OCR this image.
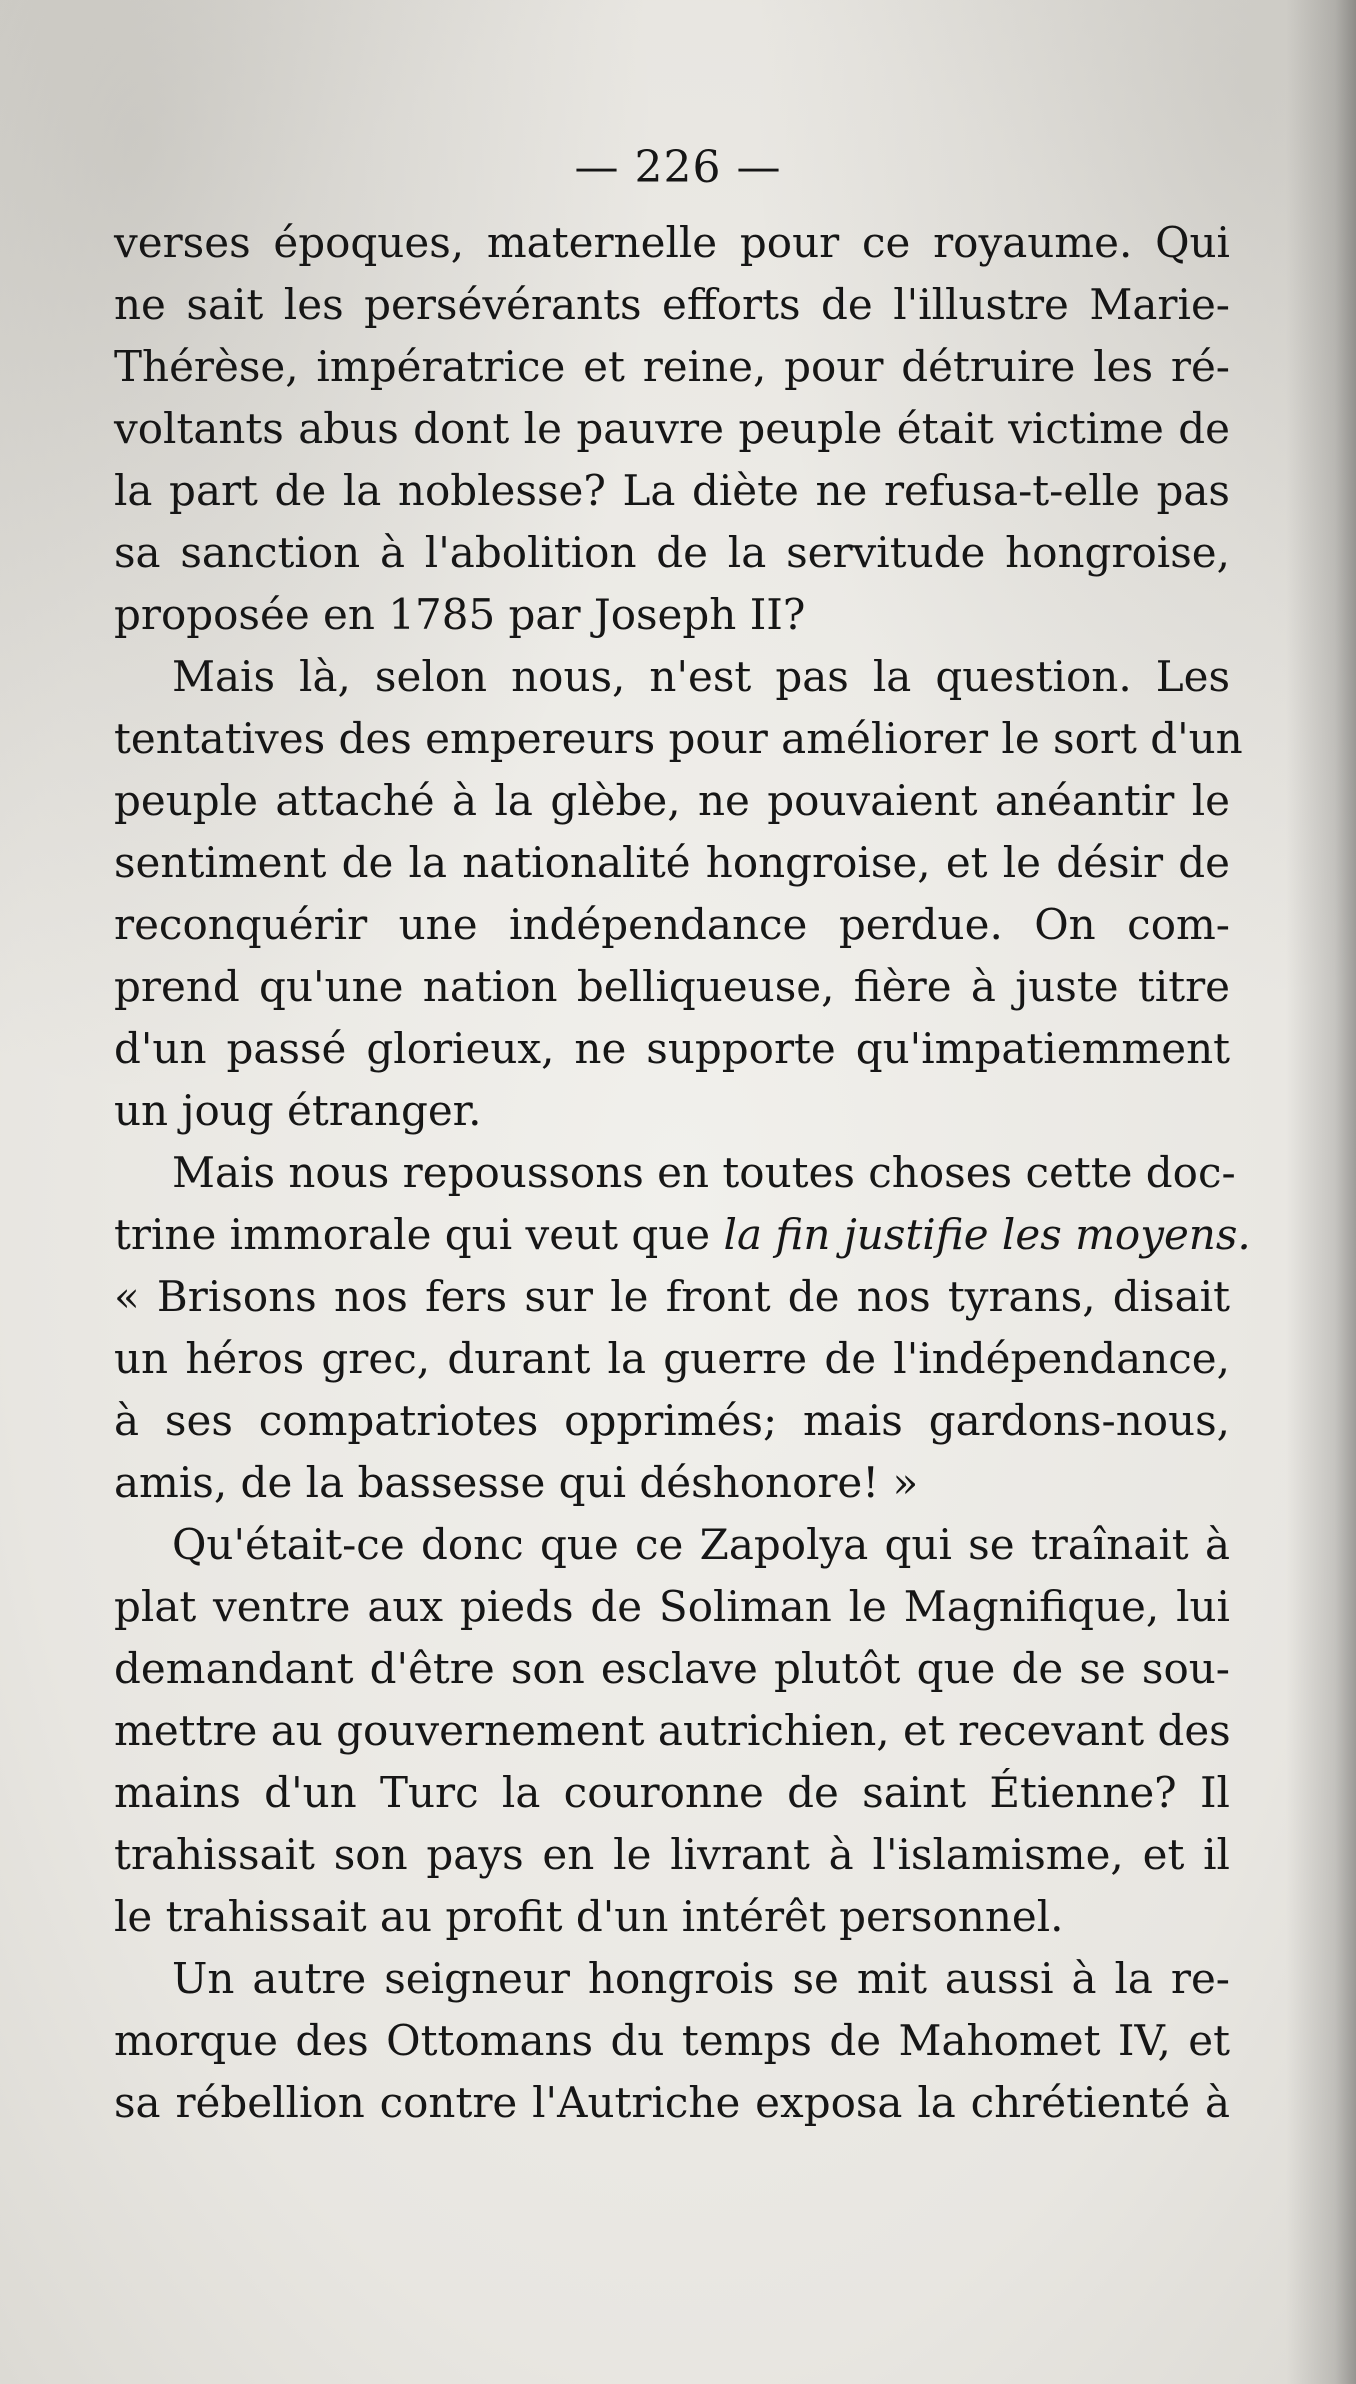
— 226 —
verses époques, maternelle pour ce royaume. Qui
ne sait les persévérants efforts de l'illustre Marie-
Thérèse, impératrice et reine, pour détruire les ré-
voltants abus dont le pauvre peuple était victime de
la part de la noblesse? La diète ne refusa-t-elle pas
sa sanction à l'abolition de la servitude hongroise,
proposée en 1785 par Joseph II?
Mais là, selon nous, n'est pas la question. Les
tentatives des empereurs pour améliorer le sort d'un
peuple attaché à la glèbe, ne pouvaient anéantir le
sentiment de la nationalité hongroise, et le désir de
reconquérir une indépendance perdue. On com-
prend qu'une nation belliqueuse, fière à juste titre
d'un passé glorieux, ne supporte qu'impatiemment
un joug étranger.
Mais nous repoussons en toutes choses cette doc-
trine immorale qui veut que la fin justifie les moyens.
« Brisons nos fers sur le front de nos tyrans, disait
un héros grec, durant la guerre de l'indépendance,
à ses compatriotes opprimés; mais gardons-nous,
amis, de la bassesse qui déshonore! »
Qu'était-ce donc que ce Zapolya qui se traînait à
plat ventre aux pieds de Soliman le Magnifique, lui
demandant d'être son esclave plutôt que de se sou-
mettre au gouvernement autrichien, et recevant des
mains d'un Turc la couronne de saint Étienne? Il
trahissait son pays en le livrant à l'islamisme, et il
le trahissait au profit d'un intérêt personnel.
Un autre seigneur hongrois se mit aussi à la re-
morque des Ottomans du temps de Mahomet IV, et
sa rébellion contre l'Autriche exposa la chrétienté à
